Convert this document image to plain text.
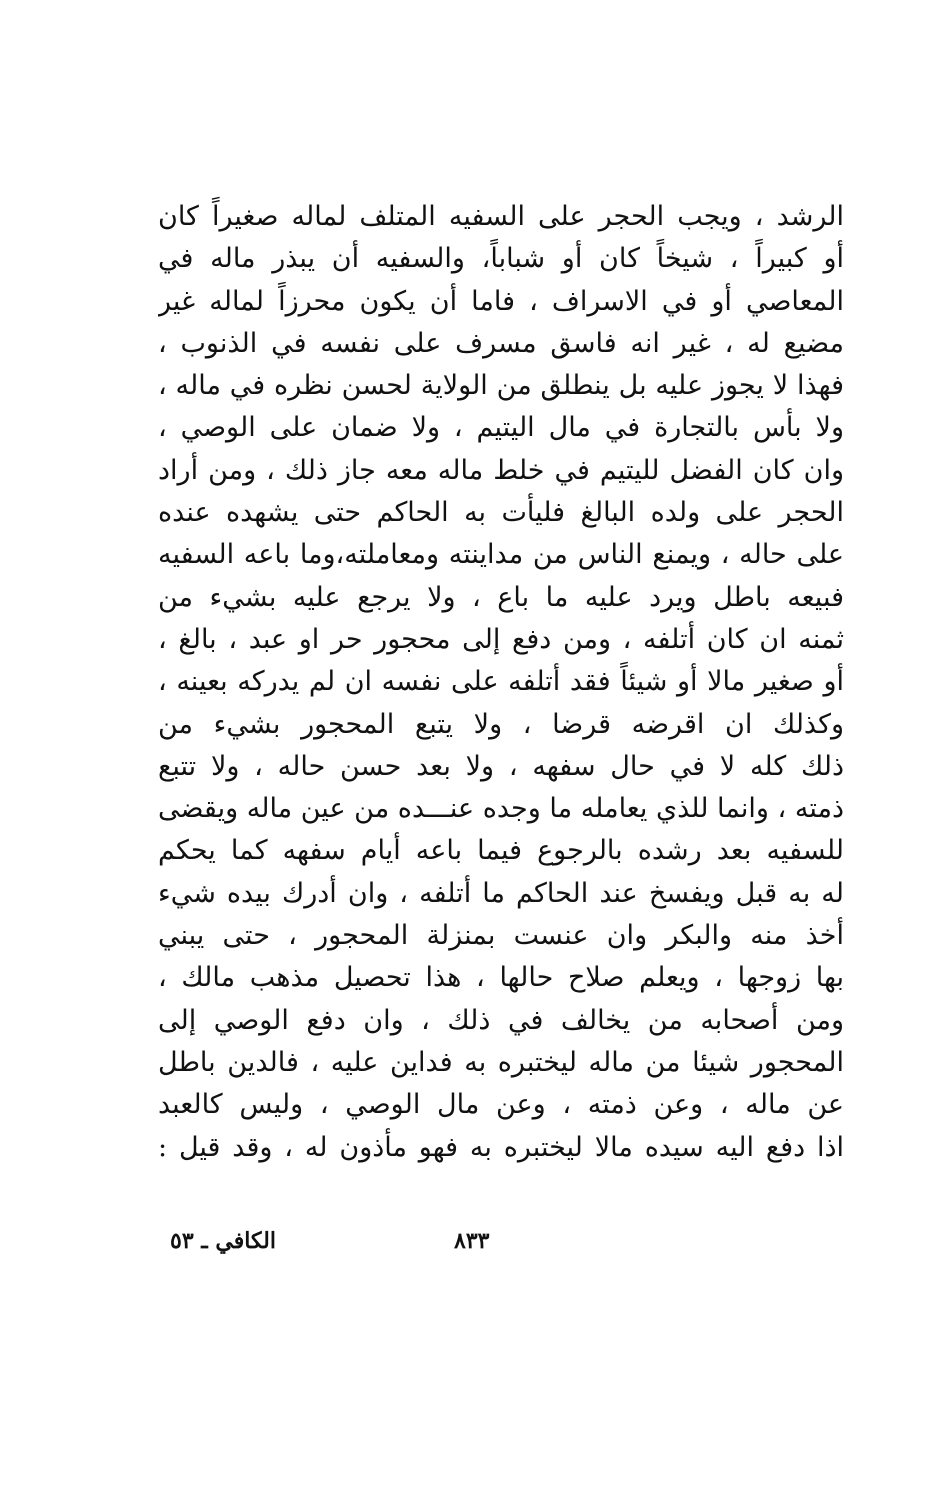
الرشد ، ويجب الحجر على السفيه المتلف لماله صغيراً كان
أو كبيراً ، شيخاً كان أو شباباً، والسفيه أن يبذر ماله في
المعاصي أو في الاسراف ، فاما أن يكون محرزاً لماله غير
مضيع له ، غير انه فاسق مسرف على نفسه في الذنوب ،
فهذا لا يجوز عليه بل ينطلق من الولاية لحسن نظره في ماله ،
ولا بأس بالتجارة في مال اليتيم ، ولا ضمان على الوصي ،
وان كان الفضل لليتيم في خلط ماله معه جاز ذلك ، ومن أراد
الحجر على ولده البالغ فليأت به الحاكم حتى يشهده عنده
على حاله ، ويمنع الناس من مداينته ومعاملته،وما باعه السفيه
فبيعه باطل ويرد عليه ما باع ، ولا يرجع عليه بشيء من
ثمنه ان كان أتلفه ، ومن دفع إلى محجور حر او عبد ، بالغ ،
أو صغير مالا أو شيئاً فقد أتلفه على نفسه ان لم يدركه بعينه ،
وكذلك ان اقرضه قرضا ، ولا يتبع المحجور بشيء من
ذلك كله لا في حال سفهه ، ولا بعد حسن حاله ، ولا تتبع
ذمته ، وانما للذي يعامله ما وجده عنـــده من عين ماله ويقضى
للسفيه بعد رشده بالرجوع فيما باعه أيام سفهه كما يحكم
له به قبل ويفسخ عند الحاكم ما أتلفه ، وان أدرك بيده شيء
أخذ منه والبكر وان عنست بمنزلة المحجور ، حتى يبني
بها زوجها ، ويعلم صلاح حالها ، هذا تحصيل مذهب مالك ،
ومن أصحابه من يخالف في ذلك ، وان دفع الوصي إلى
المحجور شيئا من ماله ليختبره به فداين عليه ، فالدين باطل
عن ماله ، وعن ذمته ، وعن مال الوصي ، وليس كالعبد
اذا دفع اليه سيده مالا ليختبره به فهو مأذون له ، وقد قيل :
٨٣٣
الكافي ـ ٥٣
